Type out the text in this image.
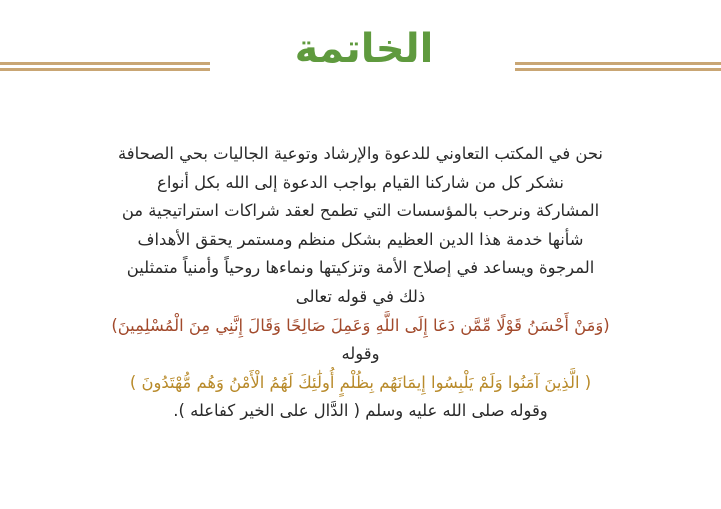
الخاتمة

نحن في المكتب التعاوني للدعوة والإرشاد وتوعية الجاليات بحي الصحافة

نشكر كل من شاركنا القيام بواجب الدعوة إلى الله بكل أنواع

المشاركة ونرحب بالمؤسسات التي تطمح لعقد شراكات استراتيجية من

شأنها خدمة هذا الدين العظيم بشكل منظم ومستمر يحقق الأهداف

المرجوة ويساعد في إصلاح الأمة وتزكيتها ونماءها روحياً وأمنياً متمثلين

ذلك في قوله تعالى

(وَمَنْ أَحْسَنُ قَوْلًا مِّمَّن دَعَا إِلَى اللَّهِ وَعَمِلَ صَالِحًا وَقَالَ إِنَّنِي مِنَ الْمُسْلِمِينَ)

وقوله

( الَّذِينَ آمَنُوا وَلَمْ يَلْبِسُوا إِيمَانَهُم بِظُلْمٍ أُولَٰئِكَ لَهُمُ الْأَمْنُ وَهُم مُّهْتَدُونَ )

وقوله صلى الله عليه وسلم ( الدَّال على الخير كفاعله ).
